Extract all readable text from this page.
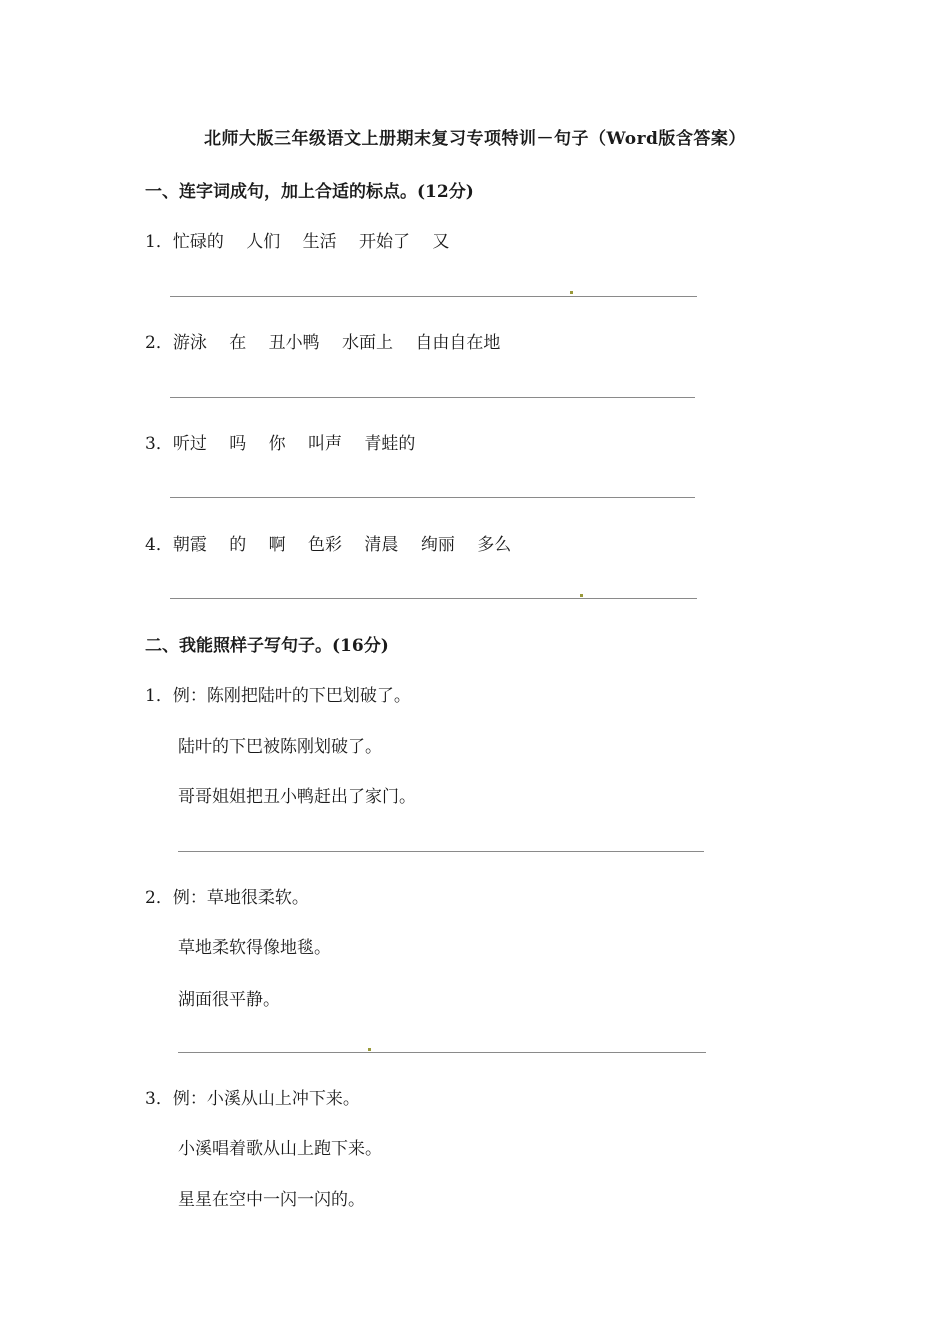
北师大版三年级语文上册期末复习专项特训－句子（Word版含答案）
一、连字词成句，加上合适的标点。(12分)
1．忙碌的　 人们　 生活　 开始了　 又
2．游泳　 在　 丑小鸭　 水面上　 自由自在地
3．听过　 吗　 你　 叫声　 青蛙的
4．朝霞　 的　 啊　 色彩　 清晨　 绚丽　 多么
二、我能照样子写句子。(16分)
1．例：陈刚把陆叶的下巴划破了。
陆叶的下巴被陈刚划破了。
哥哥姐姐把丑小鸭赶出了家门。
2．例：草地很柔软。
草地柔软得像地毯。
湖面很平静。
3．例：小溪从山上冲下来。
小溪唱着歌从山上跑下来。
星星在空中一闪一闪的。
